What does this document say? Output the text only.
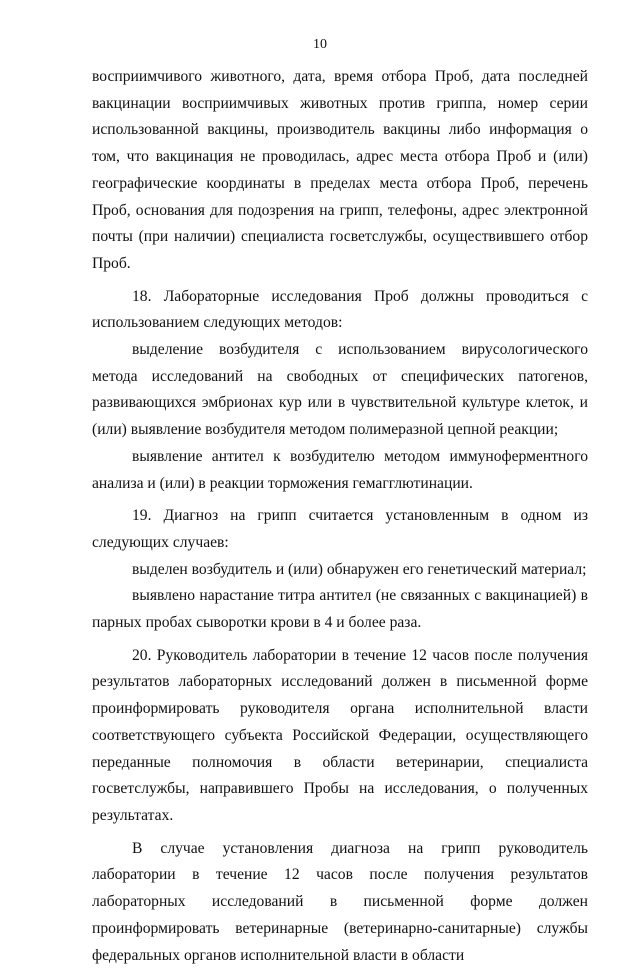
10

восприимчивого животного, дата, время отбора Проб, дата последней вакцинации восприимчивых животных против гриппа, номер серии использованной вакцины, производитель вакцины либо информация о том, что вакцинация не проводилась, адрес места отбора Проб и (или) географические координаты в пределах места отбора Проб, перечень Проб, основания для подозрения на грипп, телефоны, адрес электронной почты (при наличии) специалиста госветслужбы, осуществившего отбор Проб.

18. Лабораторные исследования Проб должны проводиться с использованием следующих методов:

выделение возбудителя с использованием вирусологического метода исследований на свободных от специфических патогенов, развивающихся эмбрионах кур или в чувствительной культуре клеток, и (или) выявление возбудителя методом полимеразной цепной реакции;

выявление антител к возбудителю методом иммуноферментного анализа и (или) в реакции торможения гемагглютинации.

19. Диагноз на грипп считается установленным в одном из следующих случаев:

выделен возбудитель и (или) обнаружен его генетический материал;

выявлено нарастание титра антител (не связанных с вакцинацией) в парных пробах сыворотки крови в 4 и более раза.

20. Руководитель лаборатории в течение 12 часов после получения результатов лабораторных исследований должен в письменной форме проинформировать руководителя органа исполнительной власти соответствующего субъекта Российской Федерации, осуществляющего переданные полномочия в области ветеринарии, специалиста госветслужбы, направившего Пробы на исследования, о полученных результатах.

В случае установления диагноза на грипп руководитель лаборатории в течение 12 часов после получения результатов лабораторных исследований в письменной форме должен проинформировать ветеринарные (ветеринарно-санитарные) службы федеральных органов исполнительной власти в области
